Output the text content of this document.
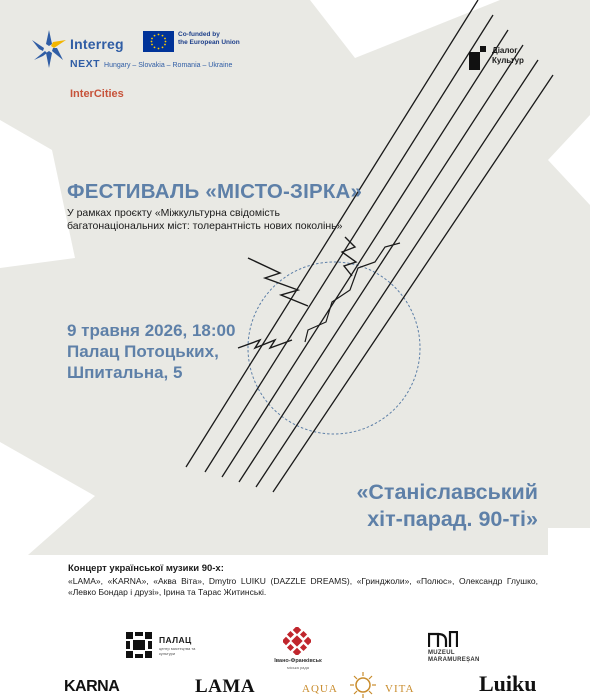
Interreg
Co-funded by
the European Union
NEXT Hungary – Slovakia – Romania – Ukraine
InterCities
Діалог
Культур
ФЕСТИВАЛЬ «МІСТО-ЗІРКА»
У рамках проєкту «Міжкультурна свідомість
багатонаціональних міст: толерантність нових поколінь»
9 травня 2026, 18:00
Палац Потоцьких,
Шпитальна, 5
«Станіславський
хіт-парад. 90-ті»
Концерт української музики 90-х:
«LAMA», «KARNA», «Аква Віта», Dmytro LUIKU (DAZZLE DREAMS), «Гринджоли», «Полюс», Олександр Глушко, «Левко Бондар і друзі», Ірина та Тарас Житинські.
ПАЛАЦ
центр мистецтва та культури
Івано-Франківськ
міська рада
MUZEUL
MARAMUREȘAN
KARNA	LAMA	AQUA	VITA	Luiku
